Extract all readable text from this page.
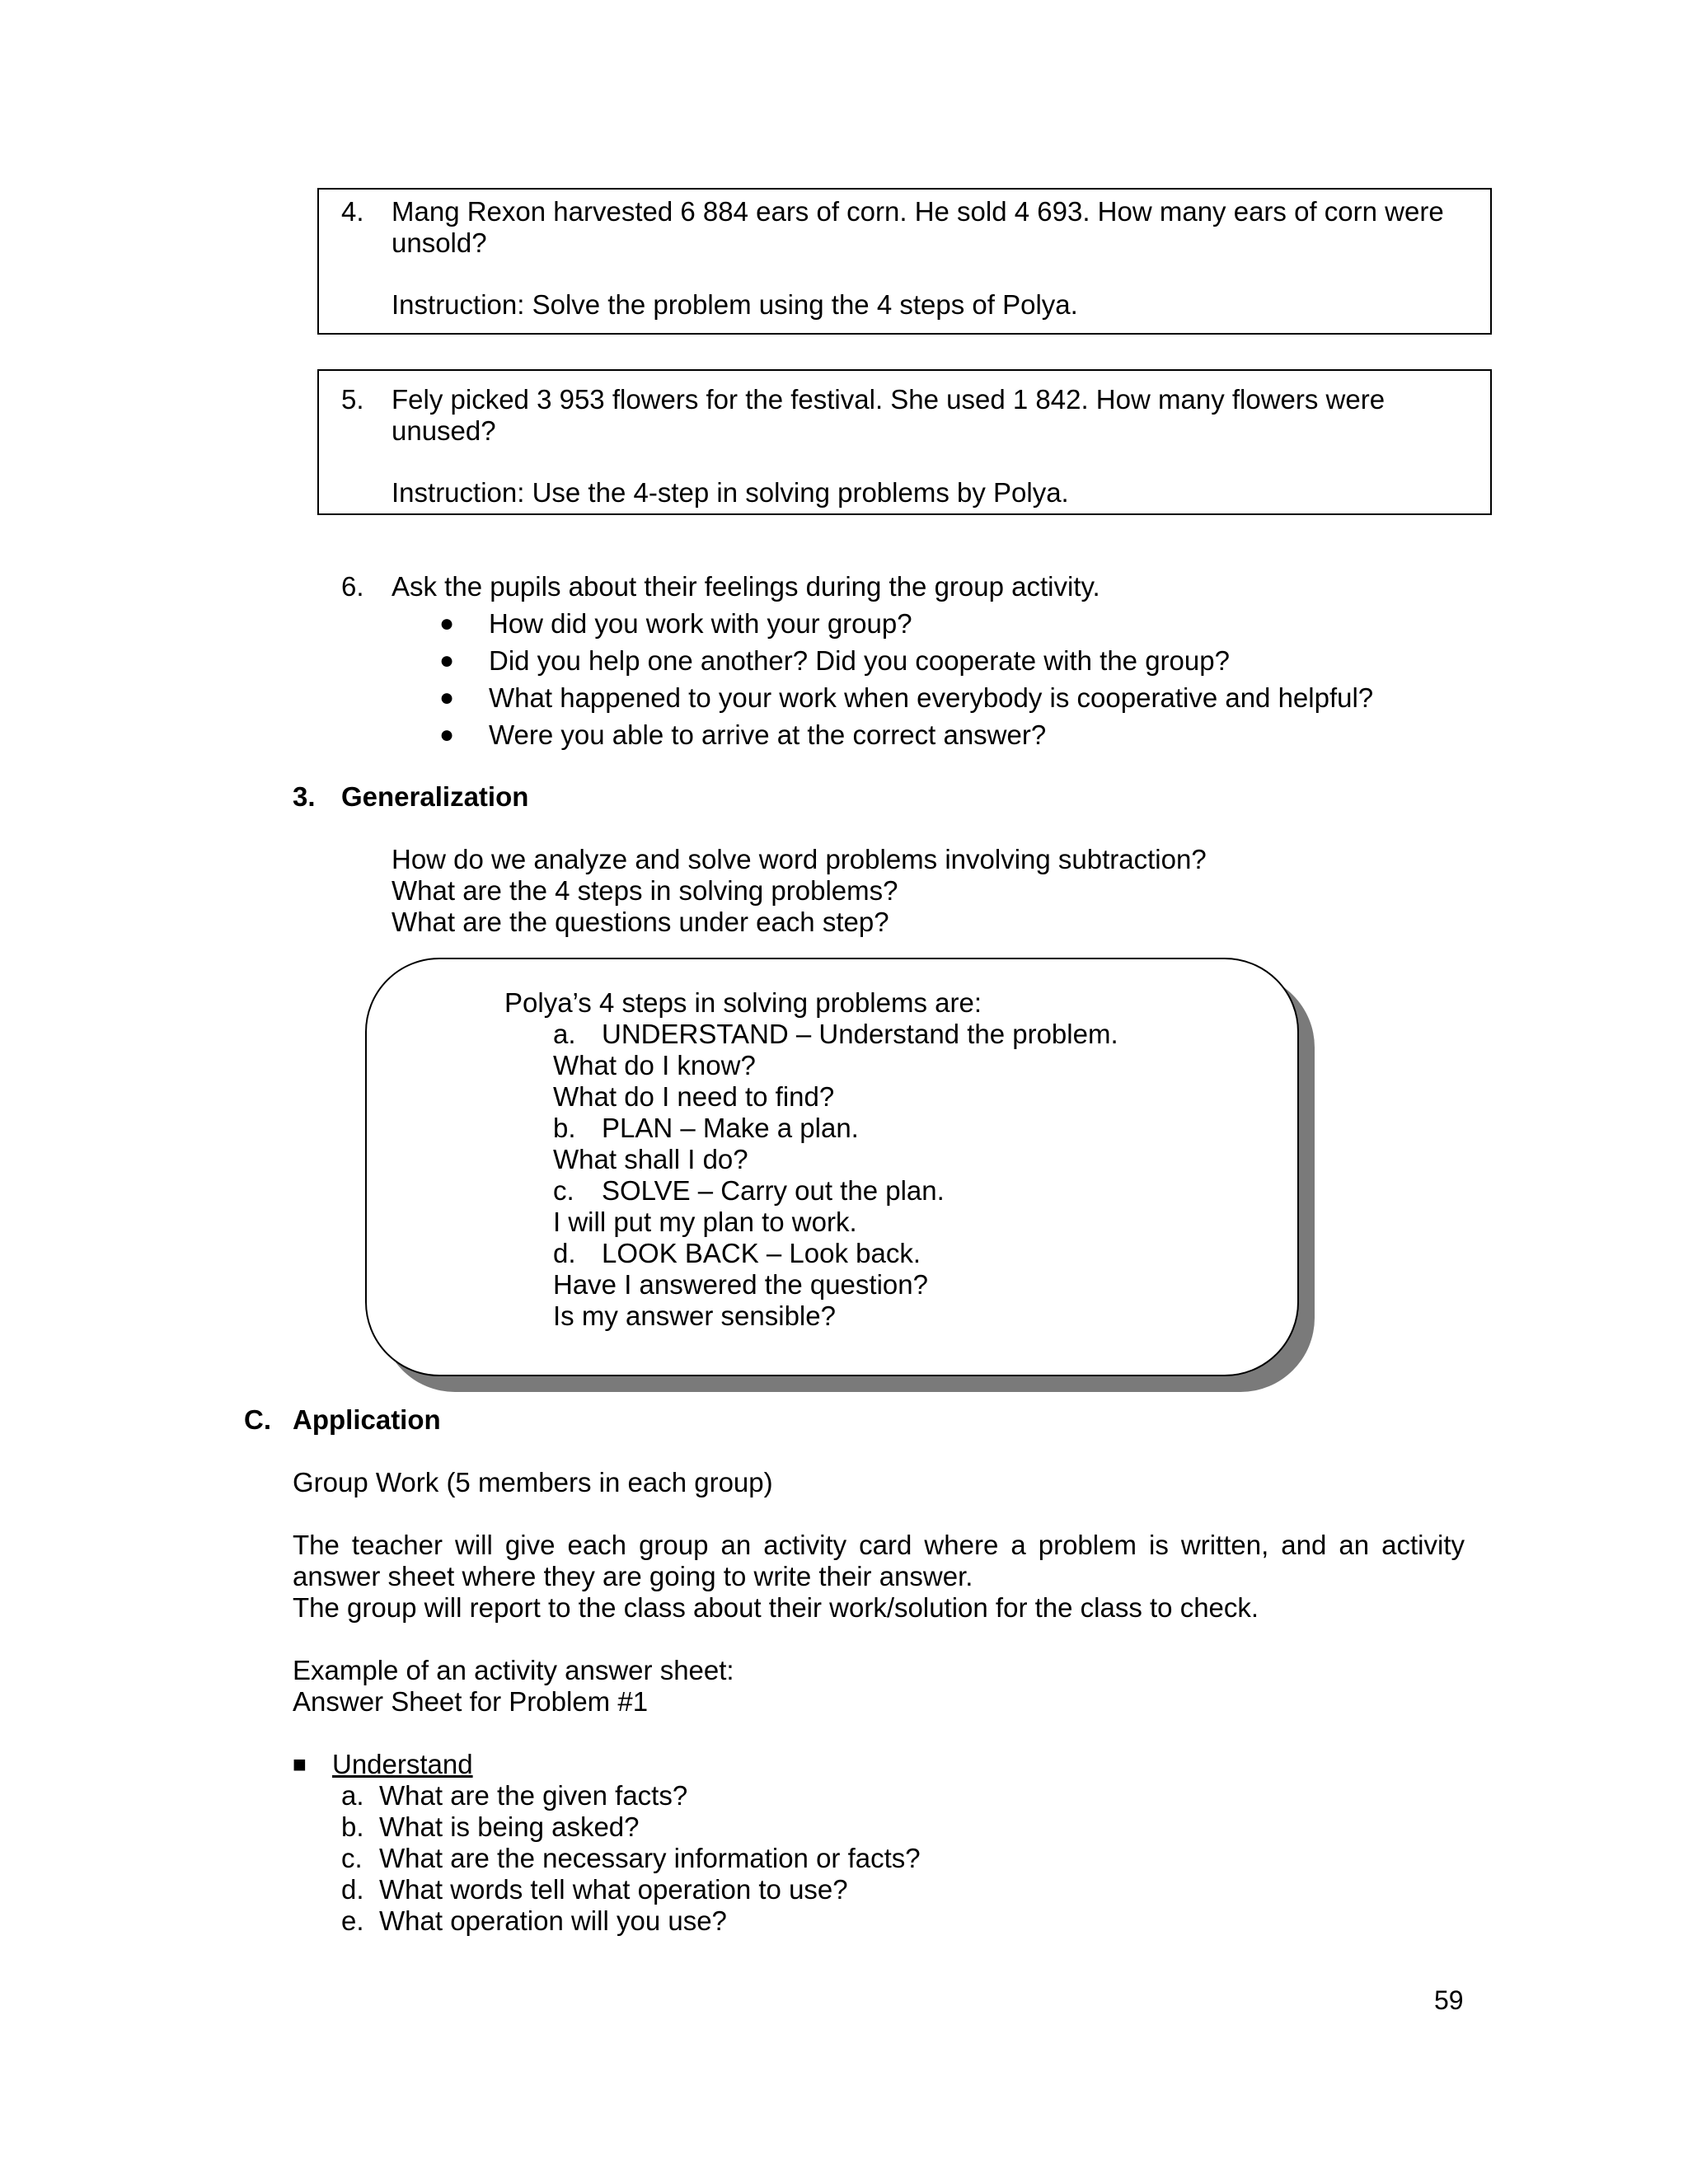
4. Mang Rexon harvested 6 884 ears of corn. He sold 4 693. How many ears of corn were
unsold?
Instruction: Solve the problem using the 4 steps of Polya.
5. Fely picked 3 953 flowers for the festival. She used 1 842. How many flowers were
unused?
Instruction: Use the 4-step in solving problems by Polya.
6. Ask the pupils about their feelings during the group activity.
● How did you work with your group?
● Did you help one another? Did you cooperate with the group?
● What happened to your work when everybody is cooperative and helpful?
● Were you able to arrive at the correct answer?
3. Generalization
How do we analyze and solve word problems involving subtraction?
What are the 4 steps in solving problems?
What are the questions under each step?
Polya’s 4 steps in solving problems are:
a. UNDERSTAND – Understand the problem.
What do I know?
What do I need to find?
b. PLAN – Make a plan.
What shall I do?
c. SOLVE – Carry out the plan.
I will put my plan to work.
d. LOOK BACK – Look back.
Have I answered the question?
Is my answer sensible?
C. Application
Group Work (5 members in each group)
The teacher will give each group an activity card where a problem is written, and an activity
answer sheet where they are going to write their answer.
The group will report to the class about their work/solution for the class to check.
Example of an activity answer sheet:
Answer Sheet for Problem #1
■ Understand
a. What are the given facts?
b. What is being asked?
c. What are the necessary information or facts?
d. What words tell what operation to use?
e. What operation will you use?
59
